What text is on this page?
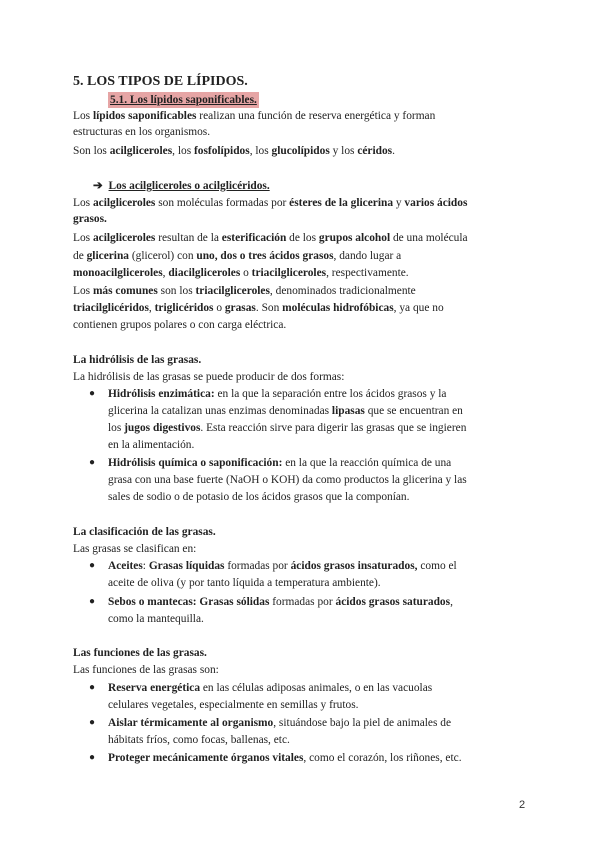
5. LOS TIPOS DE LÍPIDOS.
5.1. Los lípidos saponificables.
Los lípidos saponificables realizan una función de reserva energética y forman
estructuras en los organismos.
Son los acilgliceroles, los fosfolípidos, los glucolípidos y los céridos.
➔ Los acilgliceroles o acilglicéridos.
Los acilgliceroles son moléculas formadas por ésteres de la glicerina y varios ácidos
grasos.
Los acilgliceroles resultan de la esterificación de los grupos alcohol de una molécula
de glicerina (glicerol) con uno, dos o tres ácidos grasos, dando lugar a
monoacilgliceroles, diacilgliceroles o triacilgliceroles, respectivamente.
Los más comunes son los triacilgliceroles, denominados tradicionalmente
triacilglicéridos, triglicéridos o grasas. Son moléculas hidrofóbicas, ya que no
contienen grupos polares o con carga eléctrica.
La hidrólisis de las grasas.
La hidrólisis de las grasas se puede producir de dos formas:
● Hidrólisis enzimática: en la que la separación entre los ácidos grasos y la
glicerina la catalizan unas enzimas denominadas lipasas que se encuentran en
los jugos digestivos. Esta reacción sirve para digerir las grasas que se ingieren
en la alimentación.
● Hidrólisis química o saponificación: en la que la reacción química de una
grasa con una base fuerte (NaOH o KOH) da como productos la glicerina y las
sales de sodio o de potasio de los ácidos grasos que la componían.
La clasificación de las grasas.
Las grasas se clasifican en:
● Aceites: Grasas líquidas formadas por ácidos grasos insaturados, como el
aceite de oliva (y por tanto líquida a temperatura ambiente).
● Sebos o mantecas: Grasas sólidas formadas por ácidos grasos saturados,
como la mantequilla.
Las funciones de las grasas.
Las funciones de las grasas son:
● Reserva energética en las células adiposas animales, o en las vacuolas
celulares vegetales, especialmente en semillas y frutos.
● Aislar térmicamente al organismo, situándose bajo la piel de animales de
hábitats fríos, como focas, ballenas, etc.
● Proteger mecánicamente órganos vitales, como el corazón, los riñones, etc.
2
